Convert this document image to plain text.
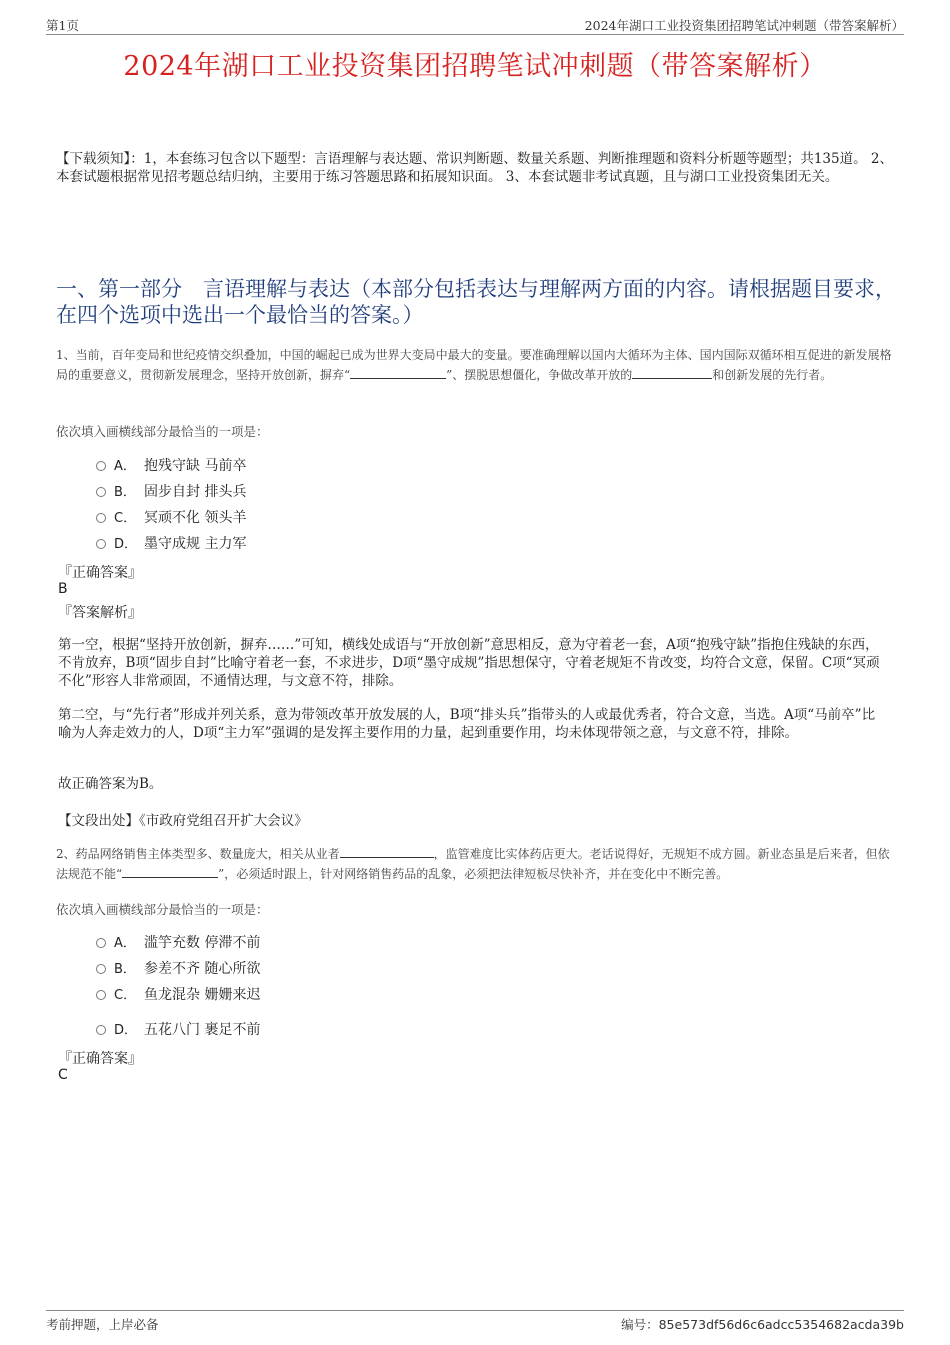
第1页	2024年湖口工业投资集团招聘笔试冲刺题（带答案解析）
2024年湖口工业投资集团招聘笔试冲刺题（带答案解析）
【下载须知】：1，本套练习包含以下题型：言语理解与表达题、常识判断题、数量关系题、判断推理题和资料分析题等题型；共135道。 2、本套试题根据常见招考题总结归纳，主要用于练习答题思路和拓展知识面。 3、本套试题非考试真题，且与湖口工业投资集团无关。
一、第一部分　言语理解与表达（本部分包括表达与理解两方面的内容。请根据题目要求，在四个选项中选出一个最恰当的答案。）
1、当前，百年变局和世纪疫情交织叠加，中国的崛起已成为世界大变局中最大的变量。要准确理解以国内大循环为主体、国内国际双循环相互促进的新发展格局的重要意义，贯彻新发展理念，坚持开放创新，摒弃“	”、摆脱思想僵化，争做改革开放的	和创新发展的先行者。
依次填入画横线部分最恰当的一项是：
A． 抱残守缺 马前卒
B． 固步自封 排头兵
C． 冥顽不化 领头羊
D． 墨守成规 主力军
『正确答案』
B
『答案解析』
第一空，根据“坚持开放创新，摒弃……”可知，横线处成语与“开放创新”意思相反，意为守着老一套，A项“抱残守缺”指抱住残缺的东西，不肯放弃，B项“固步自封”比喻守着老一套，不求进步，D项“墨守成规”指思想保守，守着老规矩不肯改变，均符合文意，保留。C项“冥顽不化”形容人非常顽固，不通情达理，与文意不符，排除。
第二空，与“先行者”形成并列关系，意为带领改革开放发展的人，B项“排头兵”指带头的人或最优秀者，符合文意，当选。A项“马前卒”比喻为人奔走效力的人，D项“主力军”强调的是发挥主要作用的力量，起到重要作用，均未体现带领之意，与文意不符，排除。
故正确答案为B。
【文段出处】《市政府党组召开扩大会议》
2、药品网络销售主体类型多、数量庞大，相关从业者	，监管难度比实体药店更大。老话说得好，无规矩不成方圆。新业态虽是后来者，但依法规范不能“	”，必须适时跟上，针对网络销售药品的乱象，必须把法律短板尽快补齐，并在变化中不断完善。
依次填入画横线部分最恰当的一项是：
A． 滥竽充数 停滞不前
B． 参差不齐 随心所欲
C． 鱼龙混杂 姗姗来迟
D． 五花八门 裹足不前
『正确答案』
C
考前押题，上岸必备	编号：85e573df56d6c6adcc5354682acda39b
